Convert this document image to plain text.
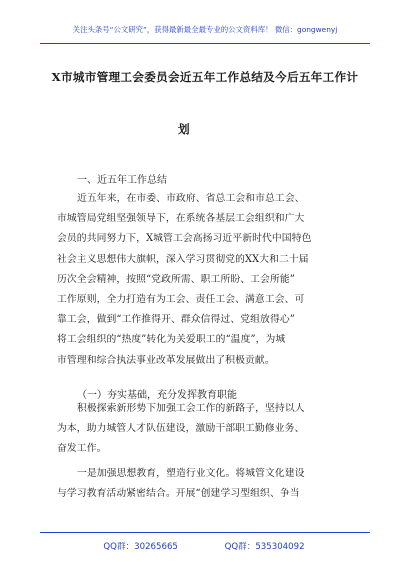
关注头条号“公文研究”，获得最新最全最专业的公文资料库！ 微信：gongwenyj
X市城市管理工会委员会近五年工作总结及今后五年工作计
划
一、近五年工作总结
近五年来，在市委、市政府、省总工会和市总工会、
市城管局党组坚强领导下，在系统各基层工会组织和广大
会员的共同努力下，X城管工会高扬习近平新时代中国特色
社会主义思想伟大旗帜，深入学习贯彻党的XX大和二十届
历次全会精神，按照“党政所需、职工所盼、工会所能”
工作原则，全力打造有为工会、责任工会、满意工会、可
靠工会，做到“工作推得开、群众信得过、党组放得心”
将工会组织的“热度”转化为关爱职工的“温度”，为城
市管理和综合执法事业改革发展做出了积极贡献。
（一）夯实基础，充分发挥教育职能
积极探索新形势下加强工会工作的新路子，坚持以人
为本，助力城管人才队伍建设，激励干部职工勤修业务、
奋发工作。
一是加强思想教育，塑造行业文化。将城管文化建设
与学习教育活动紧密结合。开展“创建学习型组织、争当
QQ群：30265665	QQ群：535304092
